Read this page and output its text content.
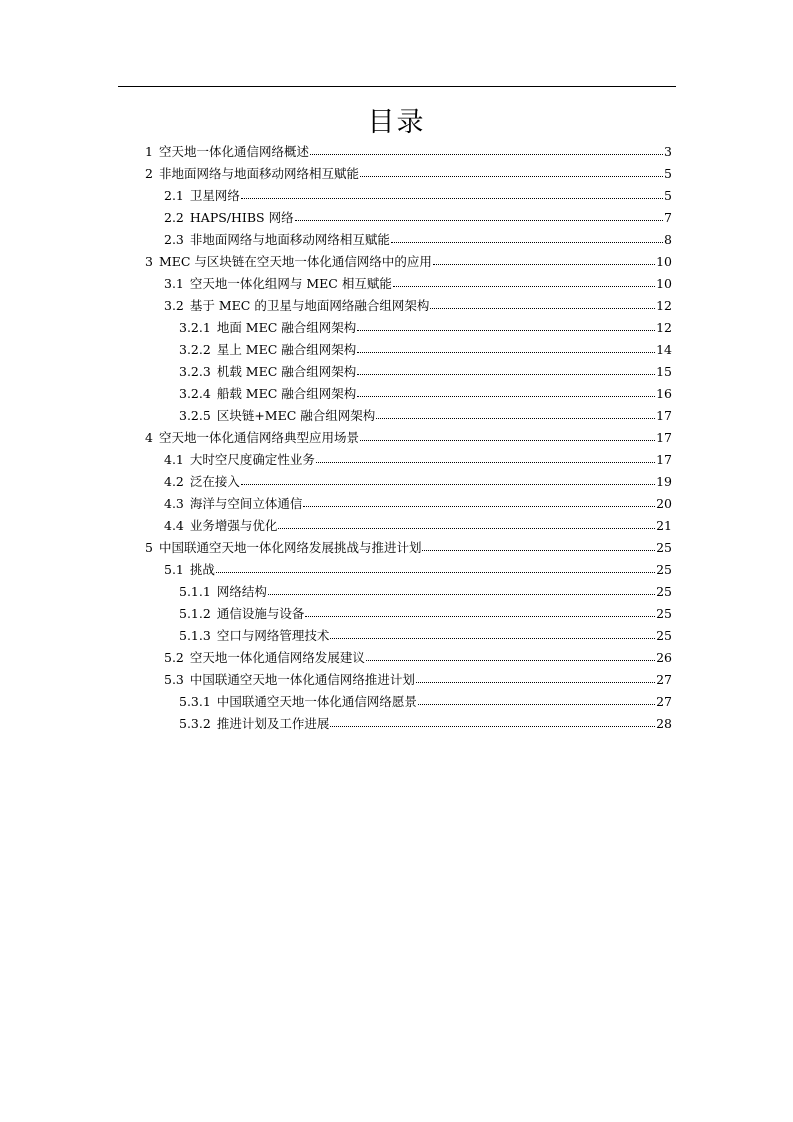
目录
1 空天地一体化通信网络概述	3
2 非地面网络与地面移动网络相互赋能	5
2.1 卫星网络	5
2.2 HAPS/HIBS 网络	7
2.3 非地面网络与地面移动网络相互赋能	8
3 MEC 与区块链在空天地一体化通信网络中的应用	10
3.1 空天地一体化组网与 MEC 相互赋能	10
3.2 基于 MEC 的卫星与地面网络融合组网架构	12
3.2.1 地面 MEC 融合组网架构	12
3.2.2 星上 MEC 融合组网架构	14
3.2.3 机载 MEC 融合组网架构	15
3.2.4 船载 MEC 融合组网架构	16
3.2.5 区块链+MEC 融合组网架构	17
4 空天地一体化通信网络典型应用场景	17
4.1 大时空尺度确定性业务	17
4.2 泛在接入	19
4.3 海洋与空间立体通信	20
4.4 业务增强与优化	21
5 中国联通空天地一体化网络发展挑战与推进计划	25
5.1 挑战	25
5.1.1 网络结构	25
5.1.2 通信设施与设备	25
5.1.3 空口与网络管理技术	25
5.2 空天地一体化通信网络发展建议	26
5.3 中国联通空天地一体化通信网络推进计划	27
5.3.1 中国联通空天地一体化通信网络愿景	27
5.3.2 推进计划及工作进展	28
